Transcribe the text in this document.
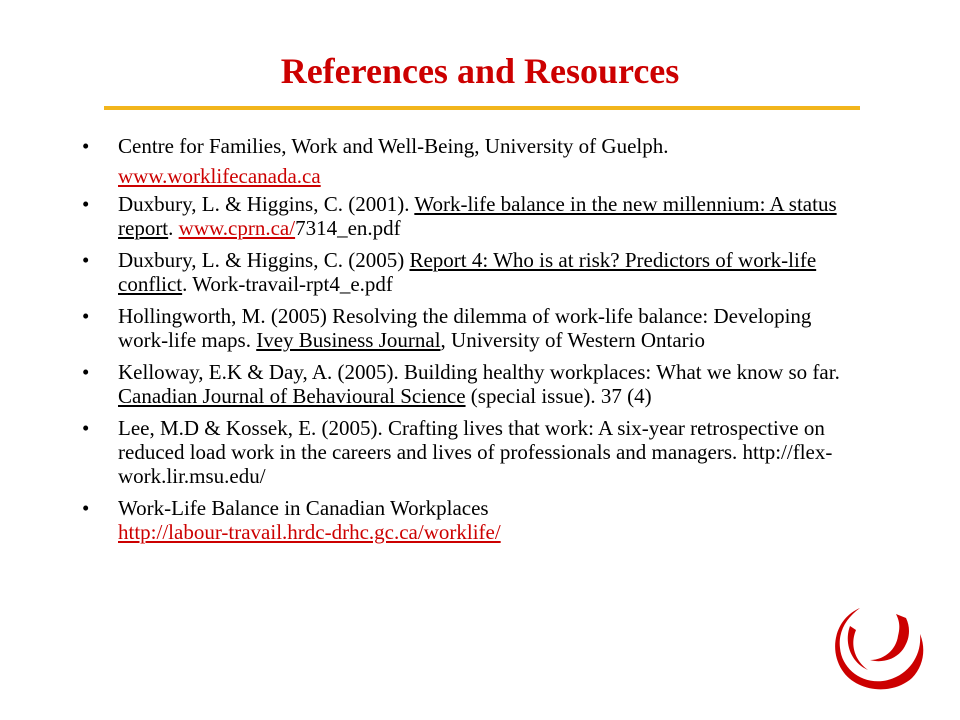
References and Resources
• Centre for Families, Work and Well-Being, University of Guelph.
www.worklifecanada.ca
• Duxbury, L. & Higgins, C. (2001). Work-life balance in the new millennium: A status report. www.cprn.ca/7314_en.pdf
• Duxbury, L. & Higgins, C. (2005) Report 4: Who is at risk? Predictors of work-life conflict. Work-travail-rpt4_e.pdf
• Hollingworth, M. (2005) Resolving the dilemma of work-life balance: Developing work-life maps. Ivey Business Journal, University of Western Ontario
• Kelloway, E.K & Day, A. (2005). Building healthy workplaces: What we know so far. Canadian Journal of Behavioural Science (special issue). 37 (4)
• Lee, M.D & Kossek, E. (2005). Crafting lives that work: A six-year retrospective on reduced load work in the careers and lives of professionals and managers. http://flex-work.lir.msu.edu/
• Work-Life Balance in Canadian Workplaces
http://labour-travail.hrdc-drhc.gc.ca/worklife/
